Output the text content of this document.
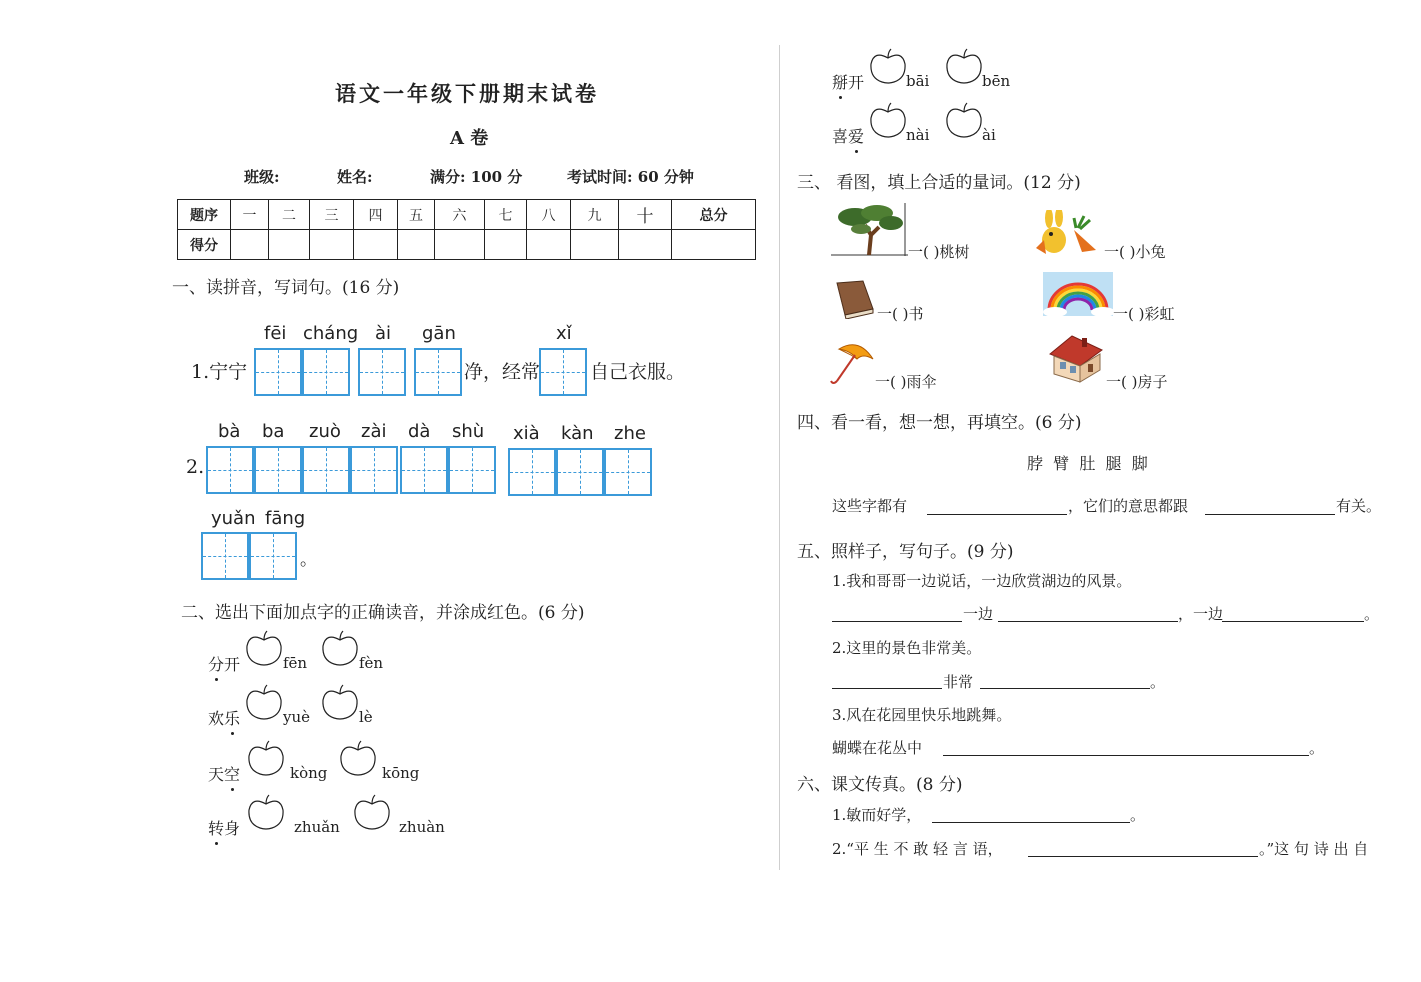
语文一年级下册期末试卷
A 卷
班级:	姓名:	满分: 100 分	考试时间: 60 分钟
题序	一	二	三	四	五	六	七	八	九	十	总分
得分											
一、读拼音，写词句。(16 分)
fēi cháng ài gān	xǐ
1.宁宁	净，经常	自己衣服。
bà ba zuò zài dà shù xià kàn zhe
2.
yuǎn fāng
。
二、选出下面加点字的正确读音，并涂成红色。(6 分)
分开	fēn	fèn
欢乐	yuè	lè
天空	kòng	kōng
转身	zhuǎn	zhuàn
掰开	bāi	bēn
喜爱	nài	ài
三、 看图，填上合适的量词。(12 分)
一( )桃树	一( )小兔
一( )书	一( )彩虹
一( )雨伞	一( )房子
四、看一看，想一想，再填空。(6 分)
脖  臂  肚  腿  脚
这些字都有	，它们的意思都跟	有关。
五、照样子，写句子。(9 分)
1.我和哥哥一边说话，一边欣赏湖边的风景。
一边	，一边	。
2.这里的景色非常美。
非常	。
3.风在花园里快乐地跳舞。
蝴蝶在花丛中	。
六、课文传真。(8 分)
1.敏而好学，	。
2.“平 生 不 敢 轻 言 语，	。”这 句 诗 出 自
